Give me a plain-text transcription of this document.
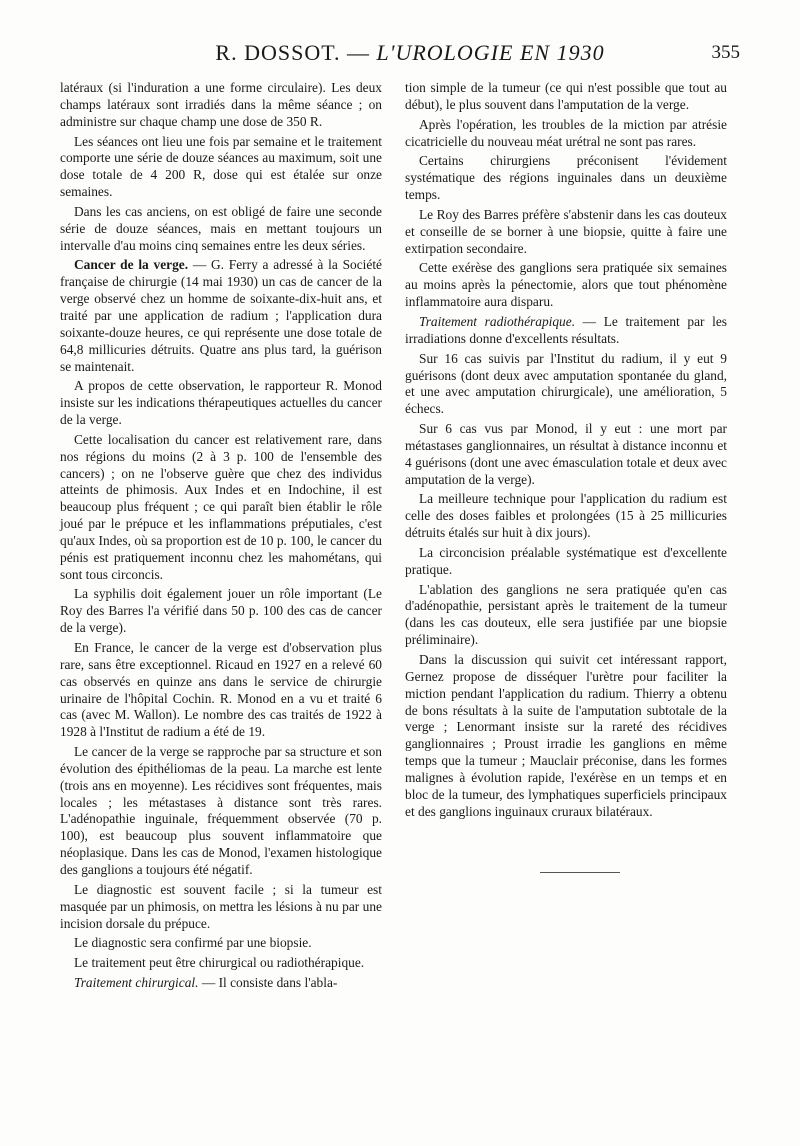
R. DOSSOT. — L'UROLOGIE EN 1930	355

latéraux (si l'induration a une forme circulaire). Les deux champs latéraux sont irradiés dans la même séance ; on administre sur chaque champ une dose de 350 R.

Les séances ont lieu une fois par semaine et le traitement comporte une série de douze séances au maximum, soit une dose totale de 4 200 R, dose qui est étalée sur onze semaines.

Dans les cas anciens, on est obligé de faire une seconde série de douze séances, mais en mettant toujours un intervalle d'au moins cinq semaines entre les deux séries.

Cancer de la verge. — G. Ferry a adressé à la Société française de chirurgie (14 mai 1930) un cas de cancer de la verge observé chez un homme de soixante-dix-huit ans, et traité par une application de radium ; l'application dura soixante-douze heures, ce qui représente une dose totale de 64,8 millicuries détruits. Quatre ans plus tard, la guérison se maintenait.

A propos de cette observation, le rapporteur R. Monod insiste sur les indications thérapeutiques actuelles du cancer de la verge.

Cette localisation du cancer est relativement rare, dans nos régions du moins (2 à 3 p. 100 de l'ensemble des cancers) ; on ne l'observe guère que chez des individus atteints de phimosis. Aux Indes et en Indochine, il est beaucoup plus fréquent ; ce qui paraît bien établir le rôle joué par le prépuce et les inflammations préputiales, c'est qu'aux Indes, où sa proportion est de 10 p. 100, le cancer du pénis est pratiquement inconnu chez les mahométans, qui sont tous circoncis.

La syphilis doit également jouer un rôle important (Le Roy des Barres l'a vérifié dans 50 p. 100 des cas de cancer de la verge).

En France, le cancer de la verge est d'observation plus rare, sans être exceptionnel. Ricaud en 1927 en a relevé 60 cas observés en quinze ans dans le service de chirurgie urinaire de l'hôpital Cochin. R. Monod en a vu et traité 6 cas (avec M. Wallon). Le nombre des cas traités de 1922 à 1928 à l'Institut de radium a été de 19.

Le cancer de la verge se rapproche par sa structure et son évolution des épithéliomas de la peau. La marche est lente (trois ans en moyenne). Les récidives sont fréquentes, mais locales ; les métastases à distance sont très rares. L'adénopathie inguinale, fréquemment observée (70 p. 100), est beaucoup plus souvent inflammatoire que néoplasique. Dans les cas de Monod, l'examen histologique des ganglions a toujours été négatif.

Le diagnostic est souvent facile ; si la tumeur est masquée par un phimosis, on mettra les lésions à nu par une incision dorsale du prépuce.

Le diagnostic sera confirmé par une biopsie.

Le traitement peut être chirurgical ou radiothérapique.

Traitement chirurgical. — Il consiste dans l'abla-

tion simple de la tumeur (ce qui n'est possible que tout au début), le plus souvent dans l'amputation de la verge.

Après l'opération, les troubles de la miction par atrésie cicatricielle du nouveau méat urétral ne sont pas rares.

Certains chirurgiens préconisent l'évidement systématique des régions inguinales dans un deuxième temps.

Le Roy des Barres préfère s'abstenir dans les cas douteux et conseille de se borner à une biopsie, quitte à faire une extirpation secondaire.

Cette exérèse des ganglions sera pratiquée six semaines au moins après la pénectomie, alors que tout phénomène inflammatoire aura disparu.

Traitement radiothérapique. — Le traitement par les irradiations donne d'excellents résultats.

Sur 16 cas suivis par l'Institut du radium, il y eut 9 guérisons (dont deux avec amputation spontanée du gland, et une avec amputation chirurgicale), une amélioration, 5 échecs.

Sur 6 cas vus par Monod, il y eut : une mort par métastases ganglionnaires, un résultat à distance inconnu et 4 guérisons (dont une avec émasculation totale et deux avec amputation de la verge).

La meilleure technique pour l'application du radium est celle des doses faibles et prolongées (15 à 25 millicuries détruits étalés sur huit à dix jours).

La circoncision préalable systématique est d'excellente pratique.

L'ablation des ganglions ne sera pratiquée qu'en cas d'adénopathie, persistant après le traitement de la tumeur (dans les cas douteux, elle sera justifiée par une biopsie préliminaire).

Dans la discussion qui suivit cet intéressant rapport, Gernez propose de disséquer l'urètre pour faciliter la miction pendant l'application du radium. Thierry a obtenu de bons résultats à la suite de l'amputation subtotale de la verge ; Lenormant insiste sur la rareté des récidives ganglionnaires ; Proust irradie les ganglions en même temps que la tumeur ; Mauclair préconise, dans les formes malignes à évolution rapide, l'exérèse en un temps et en bloc de la tumeur, des lymphatiques superficiels principaux et des ganglions inguinaux cruraux bilatéraux.
